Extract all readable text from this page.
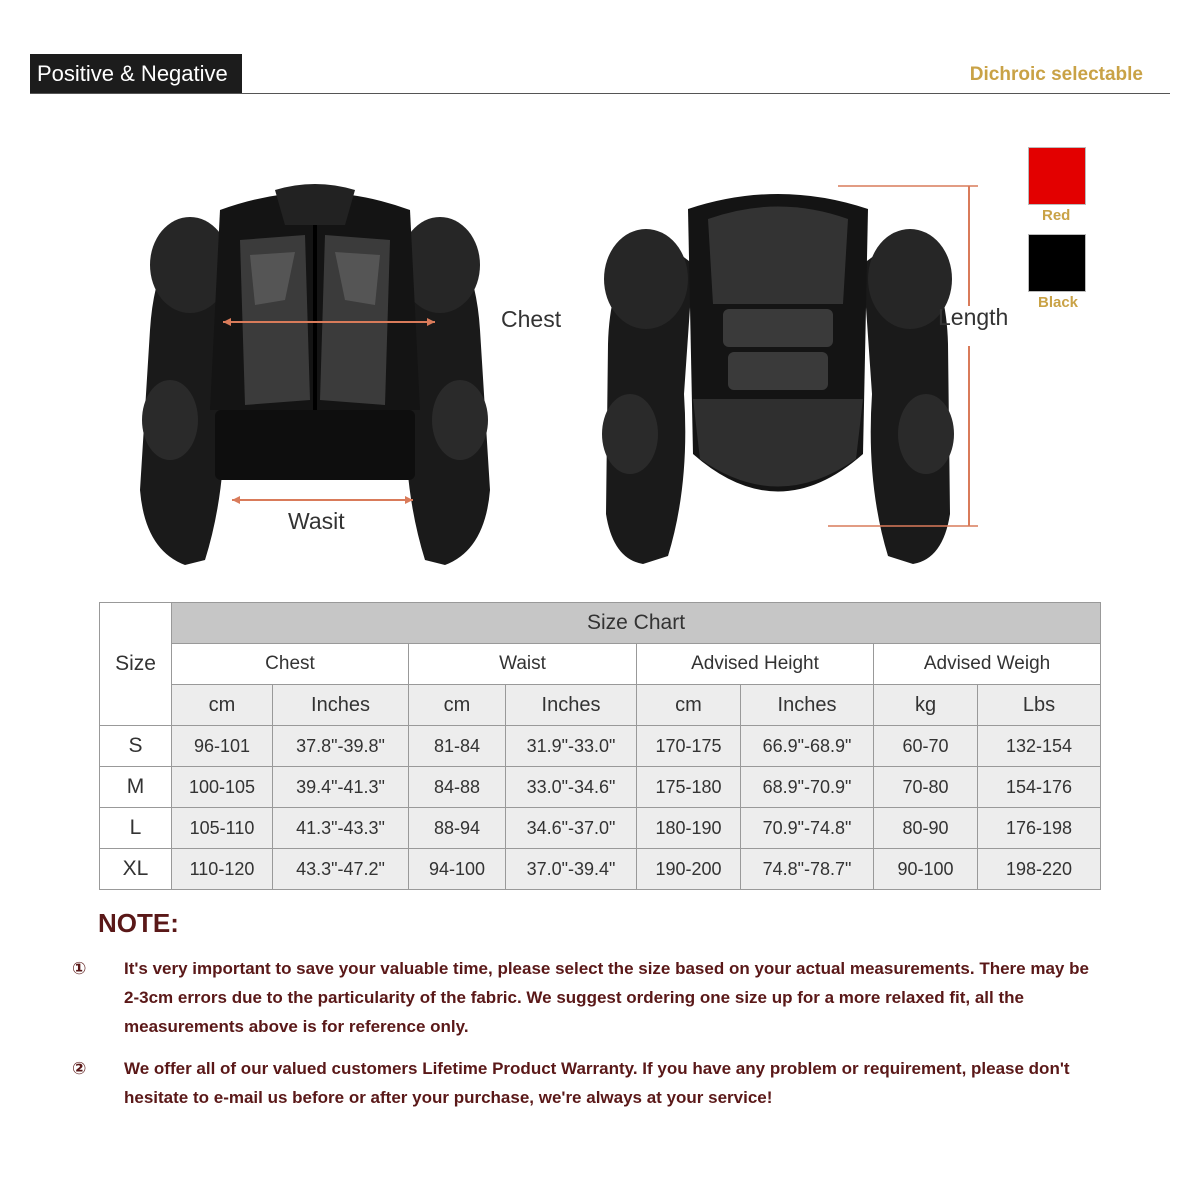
Positive & Negative	Dichroic selectable
Chest
Wasit
Length
Red
Black
Size	Size Chart							
	Chest		Waist		Advised Height		Advised Weigh	
	cm	Inches	cm	Inches	cm	Inches	kg	Lbs
S	96-101	37.8"-39.8"	81-84	31.9"-33.0"	170-175	66.9"-68.9"	60-70	132-154
M	100-105	39.4"-41.3"	84-88	33.0"-34.6"	175-180	68.9"-70.9"	70-80	154-176
L	105-110	41.3"-43.3"	88-94	34.6"-37.0"	180-190	70.9"-74.8"	80-90	176-198
XL	110-120	43.3"-47.2"	94-100	37.0"-39.4"	190-200	74.8"-78.7"	90-100	198-220
NOTE:
① It's very important to save your valuable time, please select the size based on your actual measurements. There may be 2-3cm errors due to the particularity of the fabric. We suggest ordering one size up for a more relaxed fit, all the measurements above is for reference only.
② We offer all of our valued customers Lifetime Product Warranty. If you have any problem or requirement, please don't hesitate to e-mail us before or after your purchase, we're always at your service!
